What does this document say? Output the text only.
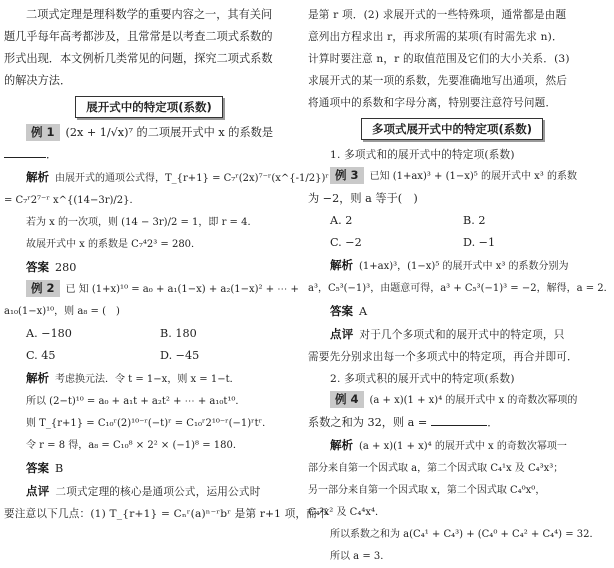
二项式定理是理科数学的重要内容之一，其有关问

题几乎每年高考都涉及，且常常是以考查二项式系数的

形式出现．本文例析几类常见的问题，探究二项式系数

的解决方法．

展开式中的特定项(系数)

例 1 (2x + 1/√x)⁷ 的二项展开式中 x 的系数是

．

解析 由展开式的通项公式得，T_{r+1} = C₇ʳ(2x)⁷⁻ʳ(x^{-1/2})ʳ

= C₇ʳ2⁷⁻ʳ x^{(14−3r)/2}．

若为 x 的一次项，则 (14 − 3r)/2 = 1，即 r = 4．

故展开式中 x 的系数是 C₇⁴2³ = 280．

答案 280

例 2 已 知 (1+x)¹⁰ = a₀ + a₁(1−x) + a₂(1−x)² + ⋯ +

a₁₀(1−x)¹⁰，则 a₈ = (　)

A. −180	B. 180

C. 45	D. −45

解析 考虑换元法．令 t = 1−x，则 x = 1−t．

所以 (2−t)¹⁰ = a₀ + a₁t + a₂t² + ⋯ + a₁₀t¹⁰．

则 T_{r+1} = C₁₀ʳ(2)¹⁰⁻ʳ(−t)ʳ = C₁₀ʳ2¹⁰⁻ʳ(−1)ʳtʳ．

令 r = 8 得，a₈ = C₁₀⁸ × 2² × (−1)⁸ = 180．

答案 B

点评 二项式定理的核心是通项公式，运用公式时

要注意以下几点：(1) T_{r+1} = Cₙʳ(a)ⁿ⁻ʳbʳ 是第 r+1 项，而不

是第 r 项．(2) 求展开式的一些特殊项，通常都是由题

意列出方程求出 r，再求所需的某项(有时需先求 n)．

计算时要注意 n，r 的取值范围及它们的大小关系．(3)

求展开式的某一项的系数，先要准确地写出通项，然后

将通项中的系数和字母分离，特别要注意符号问题．

多项式展开式中的特定项(系数)

1. 多项式和的展开式中的特定项(系数)

例 3 已知 (1+ax)³ + (1−x)⁵ 的展开式中 x³ 的系数

为 −2，则 a 等于(　)

A. 2	B. 2

C. −2	D. −1

解析 (1+ax)³，(1−x)⁵ 的展开式中 x³ 的系数分别为

a³，C₅³(−1)³，由题意可得，a³ + C₅³(−1)³ = −2，解得，a = 2．

答案 A

点评 对于几个多项式和的展开式中的特定项，只

需要先分别求出每一个多项式中的特定项，再合并即可．

2. 多项式积的展开式中的特定项(系数)

例 4 (a + x)(1 + x)⁴ 的展开式中 x 的奇数次幂项的

系数之和为 32，则 a =	．

解析 (a + x)(1 + x)⁴ 的展开式中 x 的奇数次幂项一

部分来自第一个因式取 a，第二个因式取 C₄¹x 及 C₄³x³；

另一部分来自第一个因式取 x，第二个因式取 C₄⁰x⁰，

C₄²x² 及 C₄⁴x⁴．

所以系数之和为 a(C₄¹ + C₄³) + (C₄⁰ + C₄² + C₄⁴) = 32．

所以 a = 3．
